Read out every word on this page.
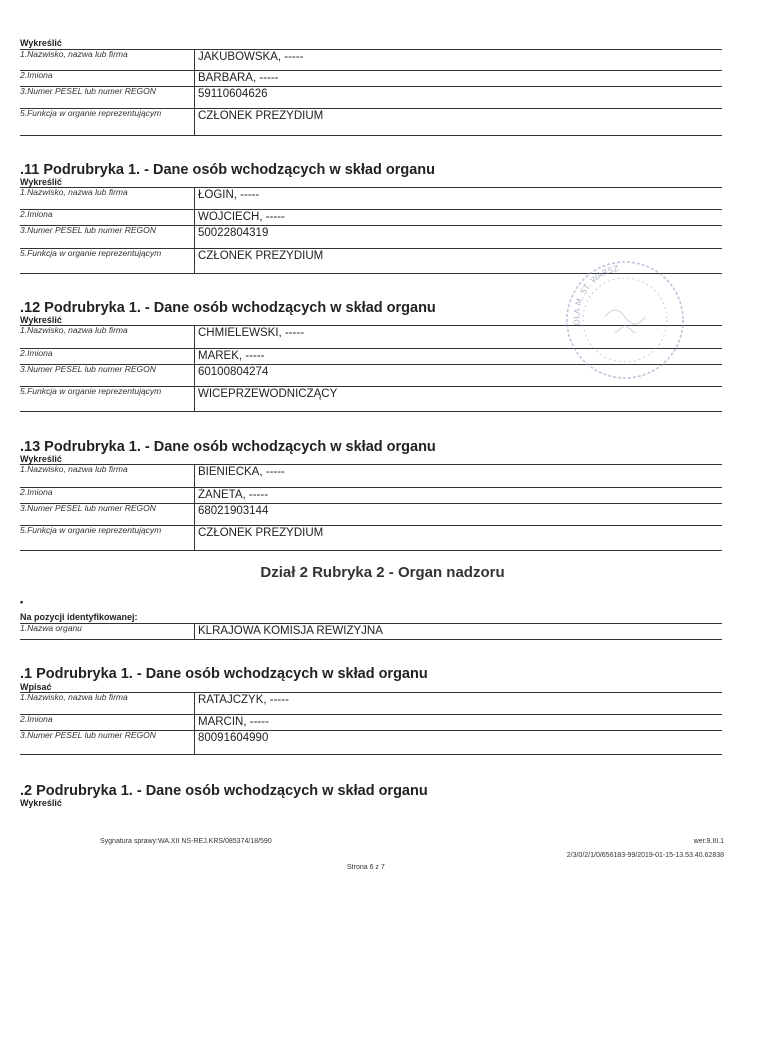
Wykreślić
1.Nazwisko, nazwa lub firma	JAKUBOWSKA, -----
2.Imiona	BARBARA, -----
3.Numer PESEL lub numer REGON	59110604626
5.Funkcja w organie reprezentującym	CZŁONEK PREZYDIUM
.11 Podrubryka 1. - Dane osób wchodzących w skład organu
Wykreślić
1.Nazwisko, nazwa lub firma	ŁOGIN, -----
2.Imiona	WOJCIECH, -----
3.Numer PESEL lub numer REGON	50022804319
5.Funkcja w organie reprezentującym	CZŁONEK PREZYDIUM
.12 Podrubryka 1. - Dane osób wchodzących w skład organu
Wykreślić
1.Nazwisko, nazwa lub firma	CHMIELEWSKI, -----
2.Imiona	MAREK, -----
3.Numer PESEL lub numer REGON	60100804274
5.Funkcja w organie reprezentującym	WICEPRZEWODNICZĄCY
.13 Podrubryka 1. - Dane osób wchodzących w skład organu
Wykreślić
1.Nazwisko, nazwa lub firma	BIENIECKA, -----
2.Imiona	ŻANETA, -----
3.Numer PESEL lub numer REGON	68021903144
5.Funkcja w organie reprezentującym	CZŁONEK PREZYDIUM
Dział 2 Rubryka 2 - Organ nadzoru
•
Na pozycji identyfikowanej:
1.Nazwa organu	KLRAJOWA KOMISJA REWIZYJNA
.1 Podrubryka 1. - Dane osób wchodzących w skład organu
Wpisać
1.Nazwisko, nazwa lub firma	RATAJCZYK, -----
2.Imiona	MARCIN, -----
3.Numer PESEL lub numer REGON	80091604990
.2 Podrubryka 1. - Dane osób wchodzących w skład organu
Wykreślić
Sygnatura sprawy:WA.XII NS-REJ.KRS/085374/18/590	wer.9.III.1
2/3/0/2/1/0/656183-99/2019-01-15-13.53.40.62838
Strona 6 z 7
OLA M. ST. WARSZ
